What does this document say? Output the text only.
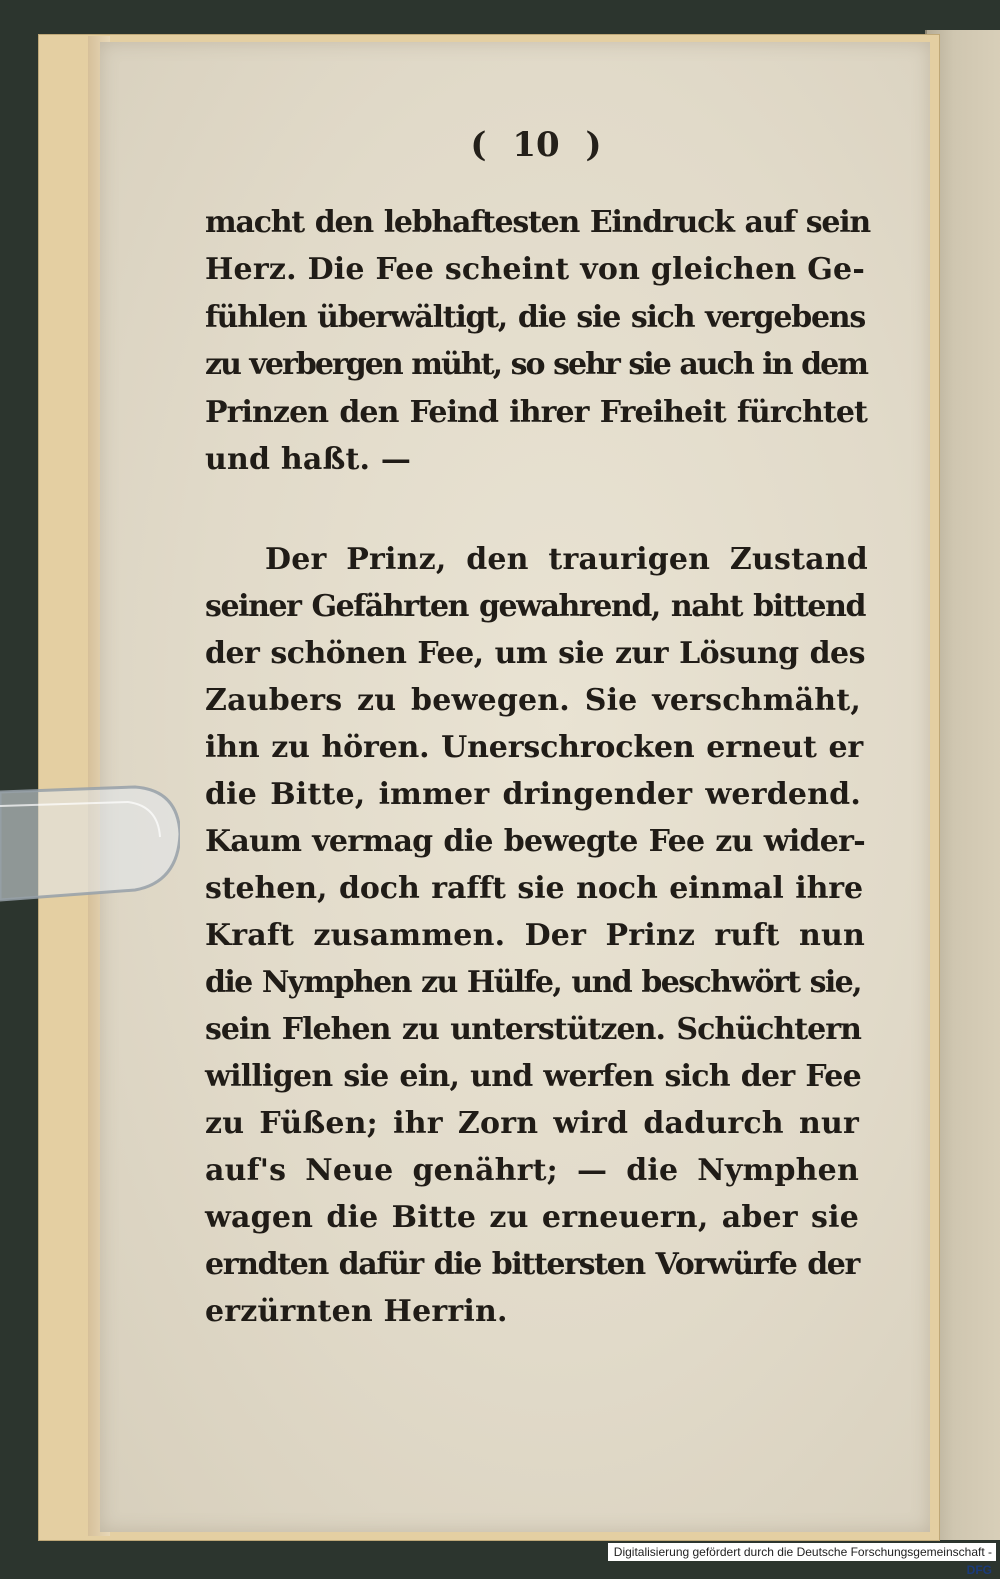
( 10 )
macht den lebhaftesten Eindruck auf sein
Herz. Die Fee scheint von gleichen Ge-
fühlen überwältigt, die sie sich vergebens
zu verbergen müht, so sehr sie auch in dem
Prinzen den Feind ihrer Freiheit fürchtet
und haßt. —
Der Prinz, den traurigen Zustand
seiner Gefährten gewahrend, naht bittend
der schönen Fee, um sie zur Lösung des
Zaubers zu bewegen. Sie verschmäht,
ihn zu hören. Unerschrocken erneut er
die Bitte, immer dringender werdend.
Kaum vermag die bewegte Fee zu wider-
stehen, doch rafft sie noch einmal ihre
Kraft zusammen. Der Prinz ruft nun
die Nymphen zu Hülfe, und beschwört sie,
sein Flehen zu unterstützen. Schüchtern
willigen sie ein, und werfen sich der Fee
zu Füßen; ihr Zorn wird dadurch nur
auf's Neue genährt; — die Nymphen
wagen die Bitte zu erneuern, aber sie
erndten dafür die bittersten Vorwürfe der
erzürnten Herrin.
Digitalisierung gefördert durch die Deutsche Forschungsgemeinschaft - DFG
